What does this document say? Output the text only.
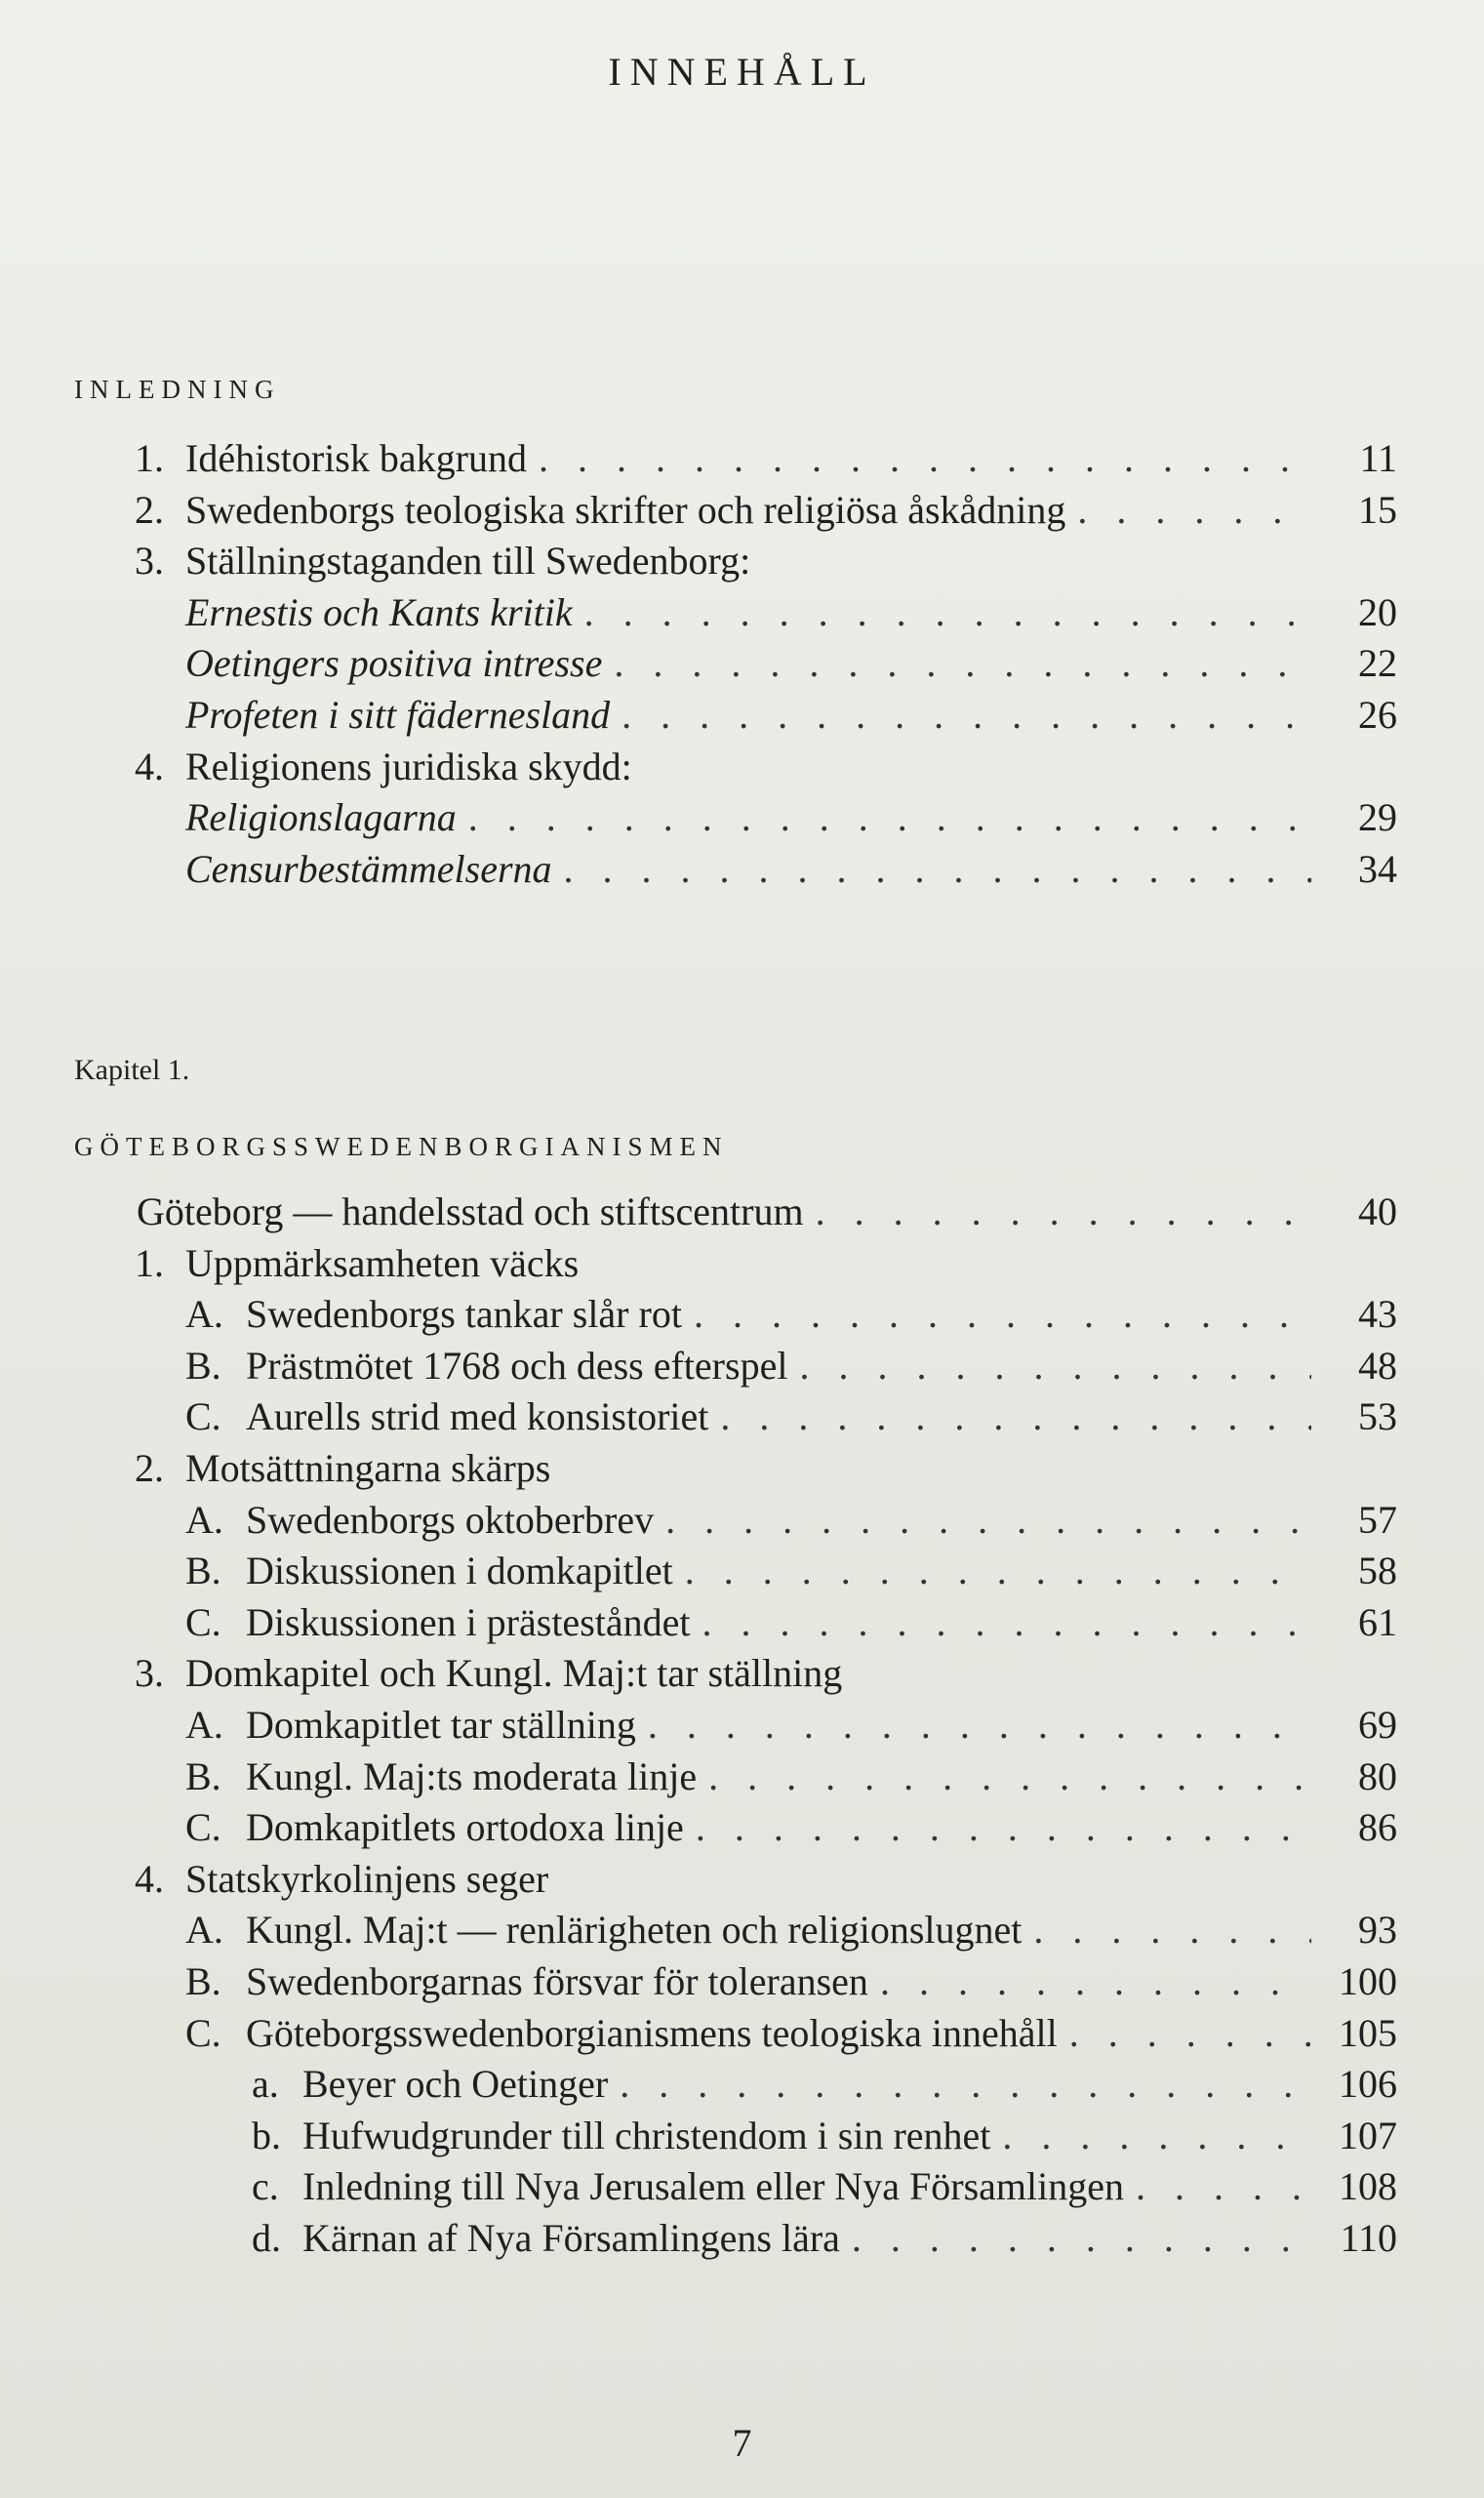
INNEHÅLL
INLEDNING
1. Idéhistorisk bakgrund . . .	11
2. Swedenborgs teologiska skrifter och religiösa åskådning . . .	15
3. Ställningstaganden till Swedenborg:
Ernestis och Kants kritik . . .	20
Oetingers positiva intresse . . .	22
Profeten i sitt fädernesland . . .	26
4. Religionens juridiska skydd:
Religionslagarna . . .	29
Censurbestämmelserna . . .	34
Kapitel 1.
GÖTEBORGSSWEDENBORGIANISMEN
Göteborg — handelsstad och stiftscentrum . . .	40
1. Uppmärksamheten väcks
A. Swedenborgs tankar slår rot . . .	43
B. Prästmötet 1768 och dess efterspel . . .	48
C. Aurells strid med konsistoriet . . .	53
2. Motsättningarna skärps
A. Swedenborgs oktoberbrev . . .	57
B. Diskussionen i domkapitlet . . .	58
C. Diskussionen i prästeståndet . . .	61
3. Domkapitel och Kungl. Maj:t tar ställning
A. Domkapitlet tar ställning . . .	69
B. Kungl. Maj:ts moderata linje . . .	80
C. Domkapitlets ortodoxa linje . . .	86
4. Statskyrkolinjens seger
A. Kungl. Maj:t — renlärigheten och religionslugnet . . .	93
B. Swedenborgarnas försvar för toleransen . . .	100
C. Göteborgsswedenborgianismens teologiska innehåll . . .	105
a. Beyer och Oetinger . . .	106
b. Hufwudgrunder till christendom i sin renhet . . .	107
c. Inledning till Nya Jerusalem eller Nya Församlingen . . .	108
d. Kärnan af Nya Församlingens lära . . .	110
7
